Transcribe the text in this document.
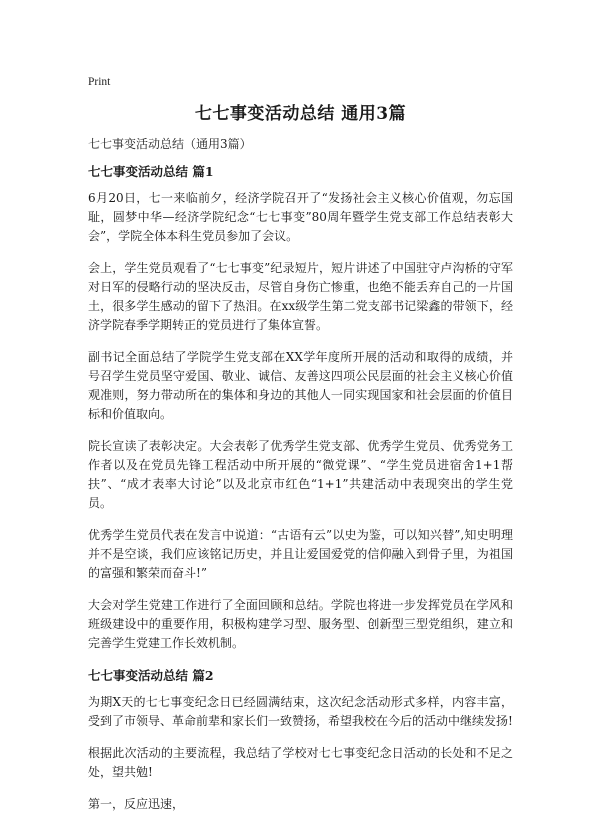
Print
七七事变活动总结 通用3篇
七七事变活动总结（通用3篇）
七七事变活动总结 篇1

6月20日，七一来临前夕，经济学院召开了“发扬社会主义核心价值观，勿忘国耻，圆梦中华—经济学院纪念“七七事变”80周年暨学生党支部工作总结表彰大会”，学院全体本科生党员参加了会议。

会上，学生党员观看了“七七事变”纪录短片，短片讲述了中国驻守卢沟桥的守军对日军的侵略行动的坚决反击，尽管自身伤亡惨重，也绝不能丢弃自己的一片国土，很多学生感动的留下了热泪。在xx级学生第二党支部书记梁鑫的带领下，经济学院春季学期转正的党员进行了集体宣誓。

副书记全面总结了学院学生党支部在XX学年度所开展的活动和取得的成绩，并号召学生党员坚守爱国、敬业、诚信、友善这四项公民层面的社会主义核心价值观准则，努力带动所在的集体和身边的其他人一同实现国家和社会层面的价值目标和价值取向。

院长宣读了表彰决定。大会表彰了优秀学生党支部、优秀学生党员、优秀党务工作者以及在党员先锋工程活动中所开展的“微党课”、“学生党员进宿舍1+1帮扶”、“成才表率大讨论”以及北京市红色“1+1”共建活动中表现突出的学生党员。

优秀学生党员代表在发言中说道：“古语有云”以史为鉴，可以知兴替”,知史明理并不是空谈，我们应该铭记历史，并且让爱国爱党的信仰融入到骨子里，为祖国的富强和繁荣而奋斗!”

大会对学生党建工作进行了全面回顾和总结。学院也将进一步发挥党员在学风和班级建设中的重要作用，积极构建学习型、服务型、创新型三型党组织，建立和完善学生党建工作长效机制。

七七事变活动总结 篇2

为期X天的七七事变纪念日已经圆满结束，这次纪念活动形式多样，内容丰富，受到了市领导、革命前辈和家长们一致赞扬，希望我校在今后的活动中继续发扬!

根据此次活动的主要流程，我总结了学校对七七事变纪念日活动的长处和不足之处，望共勉!

第一，反应迅速，
